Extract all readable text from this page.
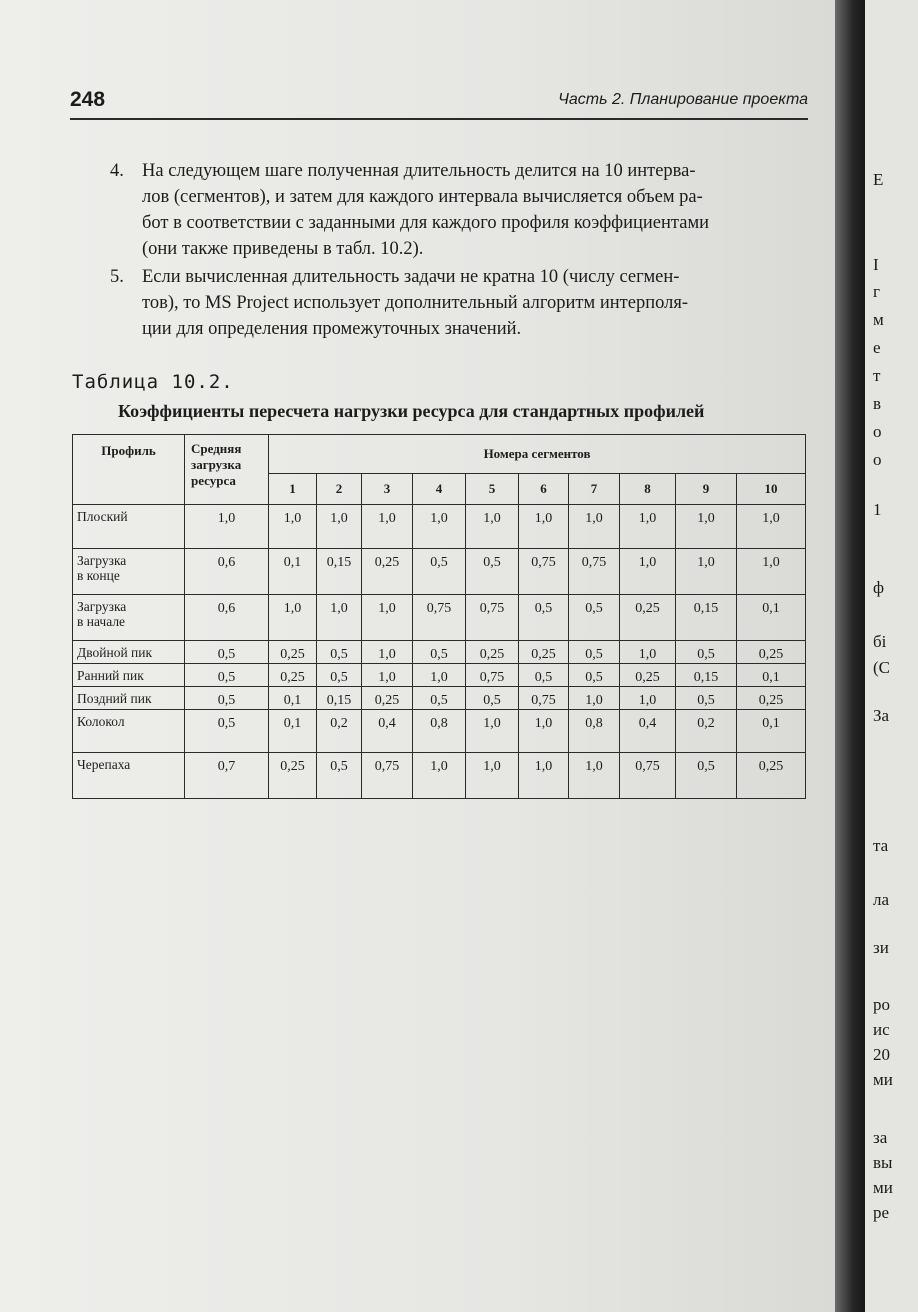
248	Часть 2. Планирование проекта
4. На следующем шаге полученная длительность делится на 10 интерва-
лов (сегментов), и затем для каждого интервала вычисляется объем ра-
бот в соответствии с заданными для каждого профиля коэффициентами
(они также приведены в табл. 10.2).
5. Если вычисленная длительность задачи не кратна 10 (числу сегмен-
тов), то MS Project использует дополнительный алгоритм интерполя-
ции для определения промежуточных значений.
Таблица 10.2.
Коэффициенты пересчета нагрузки ресурса для стандартных профилей
Профиль	Средняя
загрузка
ресурса	Номера сегментов									
		1	2	3	4	5	6	7	8	9	10

Плоский	1,0	1,0	1,0	1,0	1,0	1,0	1,0	1,0	1,0	1,0	1,0

Загрузка
в конце	0,6	0,1	0,15	0,25	0,5	0,5	0,75	0,75	1,0	1,0	1,0

Загрузка
в начале	0,6	1,0	1,0	1,0	0,75	0,75	0,5	0,5	0,25	0,15	0,1

Двойной пик	0,5	0,25	0,5	1,0	0,5	0,25	0,25	0,5	1,0	0,5	0,25

Ранний пик	0,5	0,25	0,5	1,0	1,0	0,75	0,5	0,5	0,25	0,15	0,1

Поздний пик	0,5	0,1	0,15	0,25	0,5	0,5	0,75	1,0	1,0	0,5	0,25

Колокол	0,5	0,1	0,2	0,4	0,8	1,0	1,0	0,8	0,4	0,2	0,1

Черепаха	0,7	0,25	0,5	0,75	1,0	1,0	1,0	1,0	0,75	0,5	0,25

Е
I
г
м
е
т
в
о
о
1
ф
бі
(С
За
та
ла
зи
ро
ис
20
ми
за
вы
ми
ре
